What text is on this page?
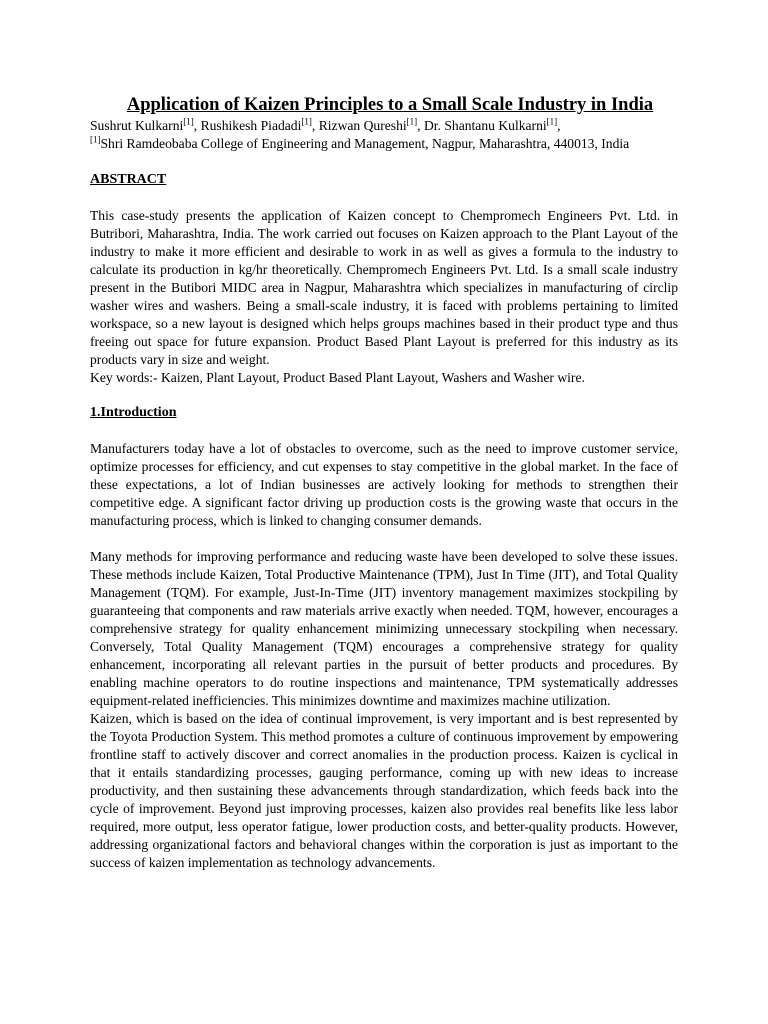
Application of Kaizen Principles to a Small Scale Industry in India
Sushrut Kulkarni[1], Rushikesh Piadadi[1], Rizwan Qureshi[1], Dr. Shantanu Kulkarni[1],
[1]Shri Ramdeobaba College of Engineering and Management, Nagpur, Maharashtra, 440013, India
ABSTRACT

This case-study presents the application of Kaizen concept to Chempromech Engineers Pvt. Ltd. in Butribori, Maharashtra, India. The work carried out focuses on Kaizen approach to the Plant Layout of the industry to make it more efficient and desirable to work in as well as gives a formula to the industry to calculate its production in kg/hr theoretically. Chempromech Engineers Pvt. Ltd. Is a small scale industry present in the Butibori MIDC area in Nagpur, Maharashtra which specializes in manufacturing of circlip washer wires and washers. Being a small-scale industry, it is faced with problems pertaining to limited workspace, so a new layout is designed which helps groups machines based in their product type and thus freeing out space for future expansion. Product Based Plant Layout is preferred for this industry as its products vary in size and weight.

Key words:- Kaizen, Plant Layout, Product Based Plant Layout, Washers and Washer wire.

1.Introduction

Manufacturers today have a lot of obstacles to overcome, such as the need to improve customer service, optimize processes for efficiency, and cut expenses to stay competitive in the global market. In the face of these expectations, a lot of Indian businesses are actively looking for methods to strengthen their competitive edge. A significant factor driving up production costs is the growing waste that occurs in the manufacturing process, which is linked to changing consumer demands.

Many methods for improving performance and reducing waste have been developed to solve these issues. These methods include Kaizen, Total Productive Maintenance (TPM), Just In Time (JIT), and Total Quality Management (TQM). For example, Just-In-Time (JIT) inventory management maximizes stockpiling by guaranteeing that components and raw materials arrive exactly when needed. TQM, however, encourages a comprehensive strategy for quality enhancement minimizing unnecessary stockpiling when necessary. Conversely, Total Quality Management (TQM) encourages a comprehensive strategy for quality enhancement, incorporating all relevant parties in the pursuit of better products and procedures. By enabling machine operators to do routine inspections and maintenance, TPM systematically addresses equipment-related inefficiencies. This minimizes downtime and maximizes machine utilization.

Kaizen, which is based on the idea of continual improvement, is very important and is best represented by the Toyota Production System. This method promotes a culture of continuous improvement by empowering frontline staff to actively discover and correct anomalies in the production process. Kaizen is cyclical in that it entails standardizing processes, gauging performance, coming up with new ideas to increase productivity, and then sustaining these advancements through standardization, which feeds back into the cycle of improvement. Beyond just improving processes, kaizen also provides real benefits like less labor required, more output, less operator fatigue, lower production costs, and better-quality products. However, addressing organizational factors and behavioral changes within the corporation is just as important to the success of kaizen implementation as technology advancements.
